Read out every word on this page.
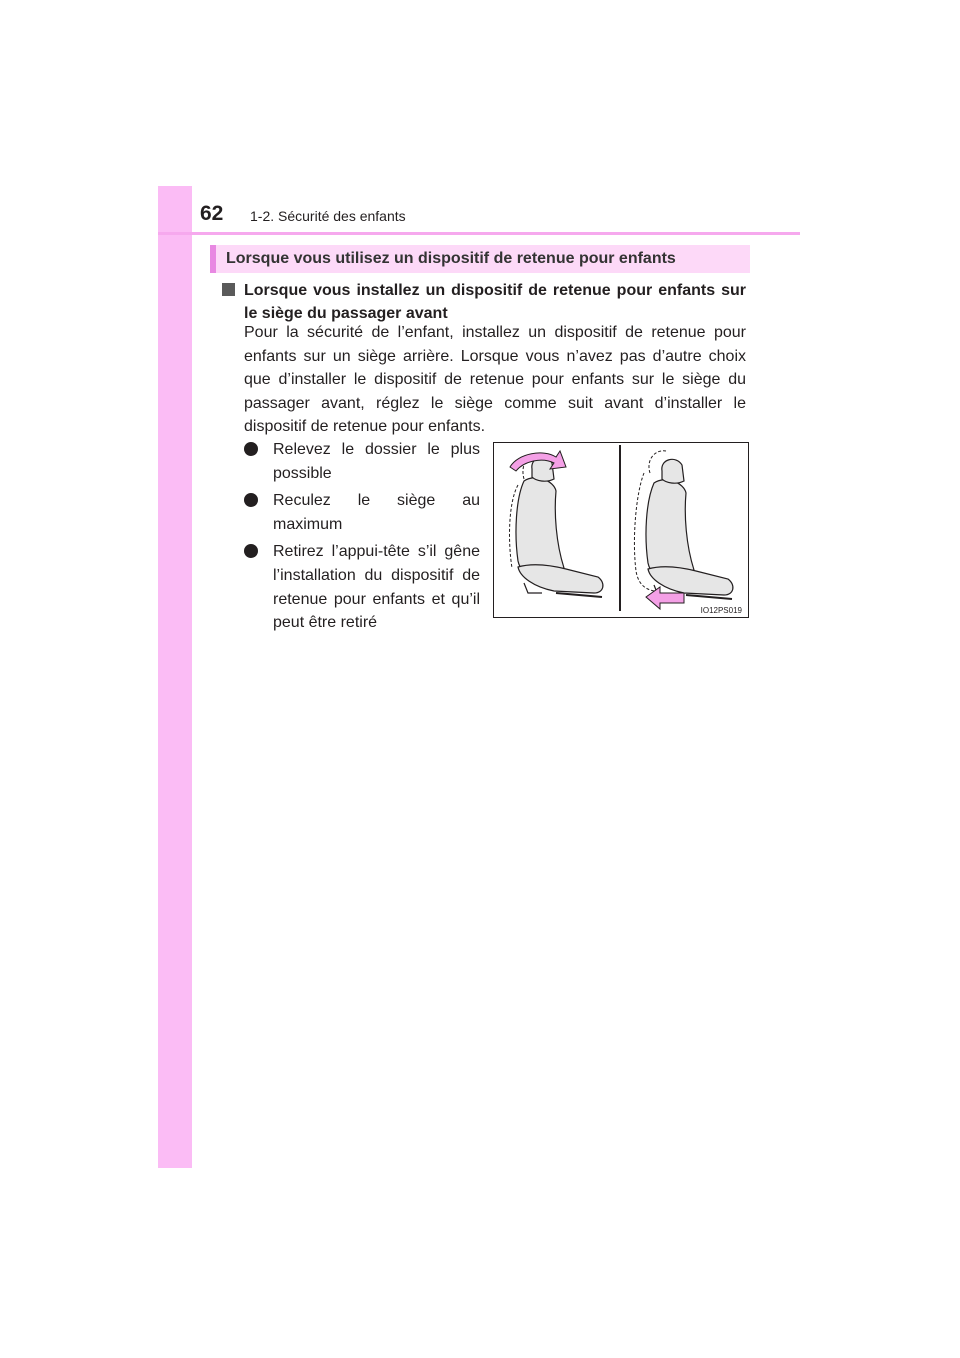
62 1-2. Sécurité des enfants
Lorsque vous utilisez un dispositif de retenue pour enfants
Lorsque vous installez un dispositif de retenue pour enfants sur le siège du passager avant

Pour la sécurité de l’enfant, installez un dispositif de retenue pour enfants sur un siège arrière. Lorsque vous n’avez pas d’autre choix que d’installer le dispositif de retenue pour enfants sur le siège du passager avant, réglez le siège comme suit avant d’installer le dispositif de retenue pour enfants.

Relevez le dossier le plus possible
Reculez le siège au maximum
Retirez l’appui-tête s’il gêne l’installation du dispositif de retenue pour enfants et qu’il peut être retiré
IO12PS019
